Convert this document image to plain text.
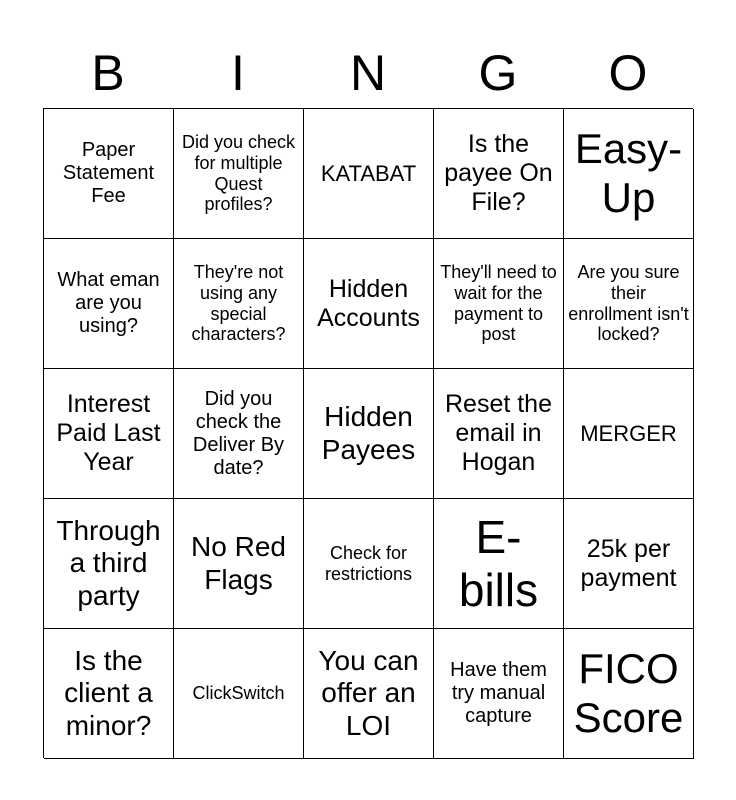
B	I	N	G	O
Paper Statement Fee
Did you check for multiple Quest profiles?
KATABAT
Is the payee On File?
Easy-Up
What eman are you using?
They're not using any special characters?
Hidden Accounts
They'll need to wait for the payment to post
Are you sure their enrollment isn't locked?
Interest Paid Last Year
Did you check the Deliver By date?
Hidden Payees
Reset the email in Hogan
MERGER
Through a third party
No Red Flags
Check for restrictions
E-bills
25k per payment
Is the client a minor?
ClickSwitch
You can offer an LOI
Have them try manual capture
FICO Score
